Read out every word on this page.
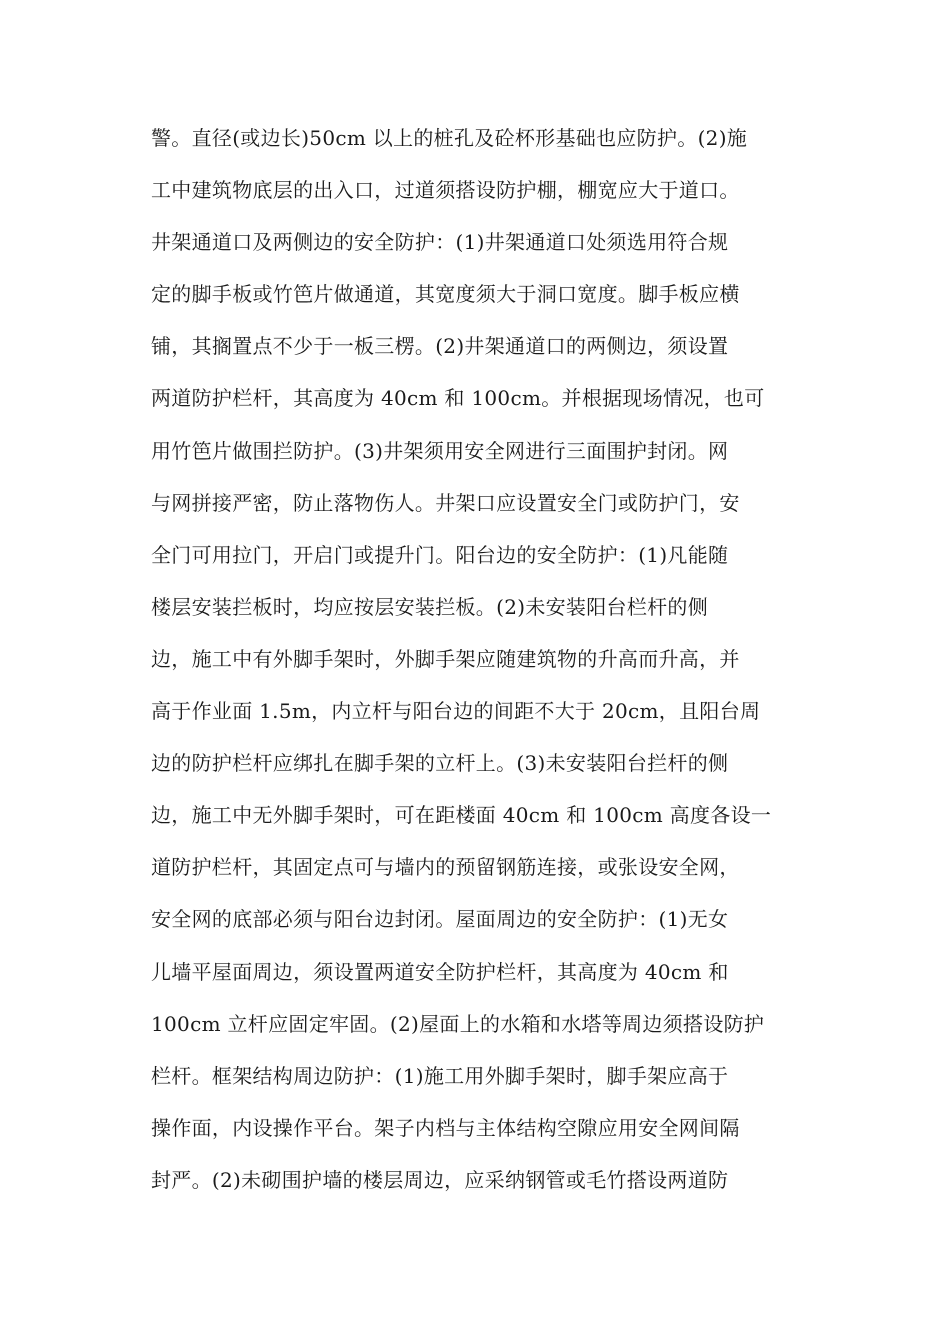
警。直径(或边长)50cm 以上的桩孔及砼杯形基础也应防护。(2)施
工中建筑物底层的出入口，过道须搭设防护棚，棚宽应大于道口。
井架通道口及两侧边的安全防护：(1)井架通道口处须选用符合规
定的脚手板或竹笆片做通道，其宽度须大于洞口宽度。脚手板应横
铺，其搁置点不少于一板三楞。(2)井架通道口的两侧边，须设置
两道防护栏杆，其高度为 40cm 和 100cm。并根据现场情况，也可
用竹笆片做围拦防护。(3)井架须用安全网进行三面围护封闭。网
与网拼接严密，防止落物伤人。井架口应设置安全门或防护门，安
全门可用拉门，开启门或提升门。阳台边的安全防护：(1)凡能随
楼层安装拦板时，均应按层安装拦板。(2)未安装阳台栏杆的侧
边，施工中有外脚手架时，外脚手架应随建筑物的升高而升高，并
高于作业面 1.5m，内立杆与阳台边的间距不大于 20cm，且阳台周
边的防护栏杆应绑扎在脚手架的立杆上。(3)未安装阳台拦杆的侧
边，施工中无外脚手架时，可在距楼面 40cm 和 100cm 高度各设一
道防护栏杆，其固定点可与墙内的预留钢筋连接，或张设安全网，
安全网的底部必须与阳台边封闭。屋面周边的安全防护：(1)无女
儿墙平屋面周边，须设置两道安全防护栏杆，其高度为 40cm 和
100cm 立杆应固定牢固。(2)屋面上的水箱和水塔等周边须搭设防护
栏杆。框架结构周边防护：(1)施工用外脚手架时，脚手架应高于
操作面，内设操作平台。架子内档与主体结构空隙应用安全网间隔
封严。(2)未砌围护墙的楼层周边，应采纳钢管或毛竹搭设两道防
